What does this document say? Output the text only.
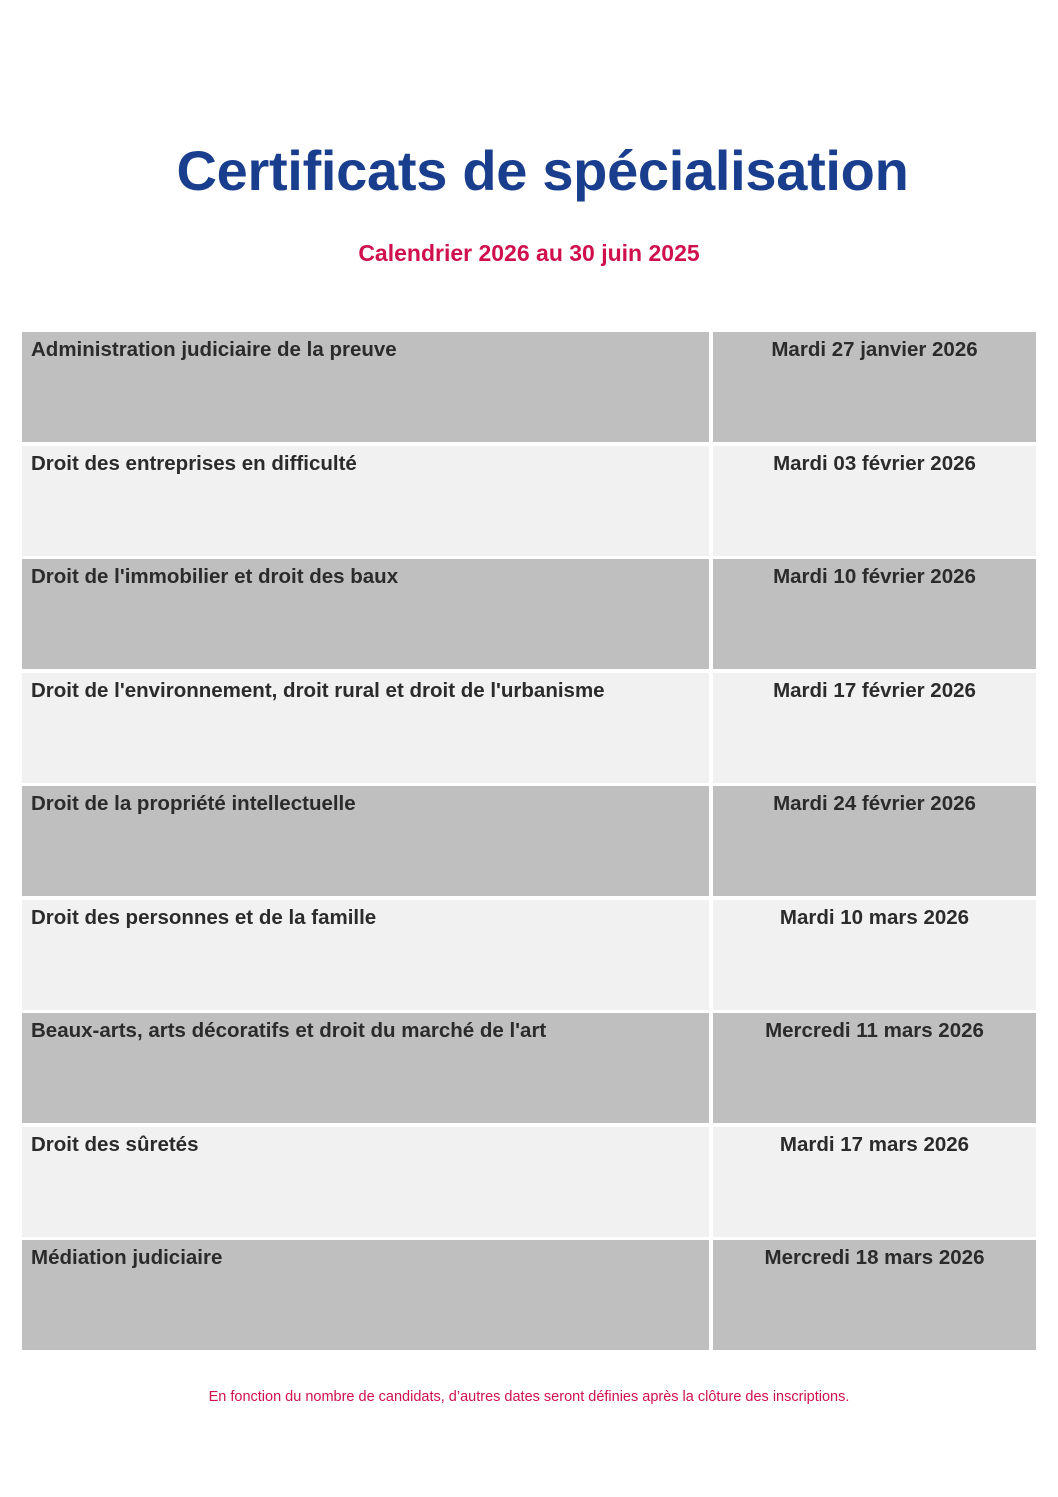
Certificats de spécialisation

Calendrier 2026 au 30 juin 2025

Administration judiciaire de la preuve	Mardi 27 janvier 2026
Droit des entreprises en difficulté	Mardi 03 février 2026
Droit de l'immobilier et droit des baux	Mardi 10 février 2026
Droit de l'environnement, droit rural et droit de l'urbanisme	Mardi 17 février 2026
Droit de la propriété intellectuelle	Mardi 24 février 2026
Droit des personnes et de la famille	Mardi 10 mars 2026
Beaux-arts, arts décoratifs et droit du marché de l'art	Mercredi 11 mars 2026
Droit des sûretés	Mardi 17 mars 2026
Médiation judiciaire	Mercredi 18 mars 2026

En fonction du nombre de candidats, d’autres dates seront définies après la clôture des inscriptions.
